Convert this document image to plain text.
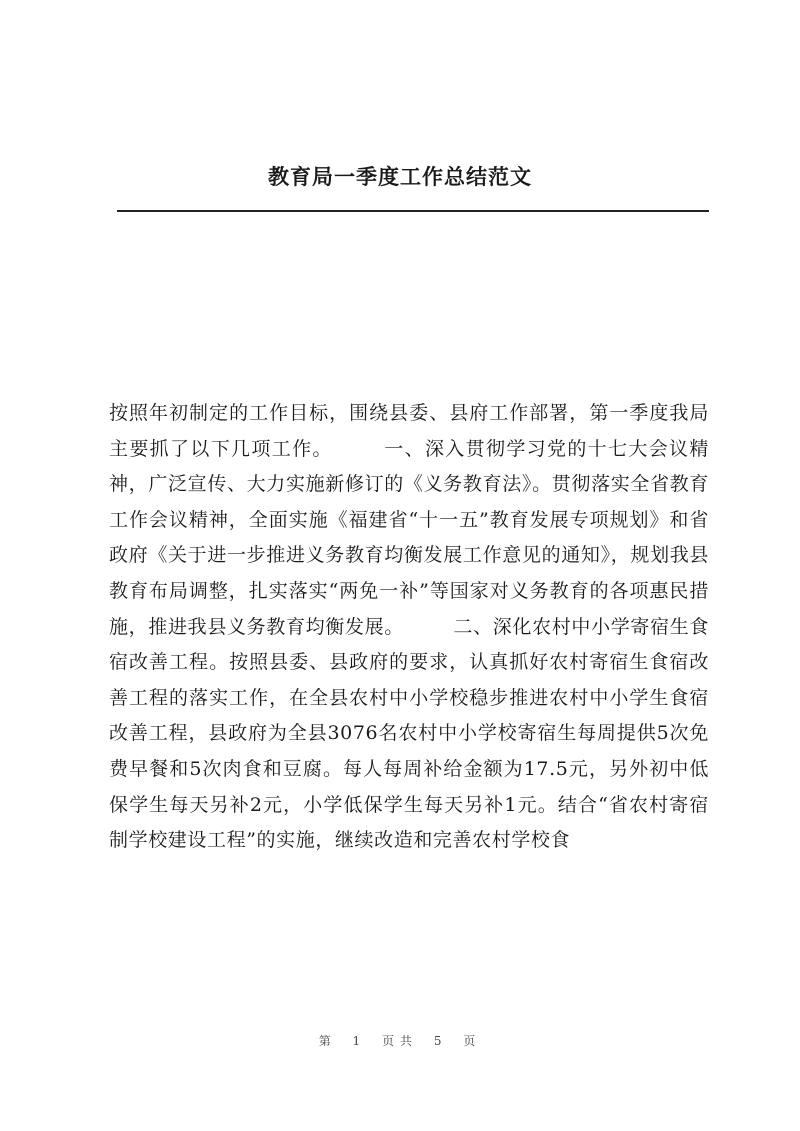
教育局一季度工作总结范文

按照年初制定的工作目标，围绕县委、县府工作部署，第一季度我局主要抓了以下几项工作。　　　一、深入贯彻学习党的十七大会议精神，广泛宣传、大力实施新修订的《义务教育法》。贯彻落实全省教育工作会议精神，全面实施《福建省“十一五”教育发展专项规划》和省政府《关于进一步推进义务教育均衡发展工作意见的通知》，规划我县教育布局调整，扎实落实“两免一补”等国家对义务教育的各项惠民措施，推进我县义务教育均衡发展。　　　二、深化农村中小学寄宿生食宿改善工程。按照县委、县政府的要求，认真抓好农村寄宿生食宿改善工程的落实工作，在全县农村中小学校稳步推进农村中小学生食宿改善工程，县政府为全县3076名农村中小学校寄宿生每周提供5次免费早餐和5次肉食和豆腐。每人每周补给金额为17.5元，另外初中低保学生每天另补2元，小学低保学生每天另补1元。结合“省农村寄宿制学校建设工程”的实施，继续改造和完善农村学校食

第 1 页共 5 页
